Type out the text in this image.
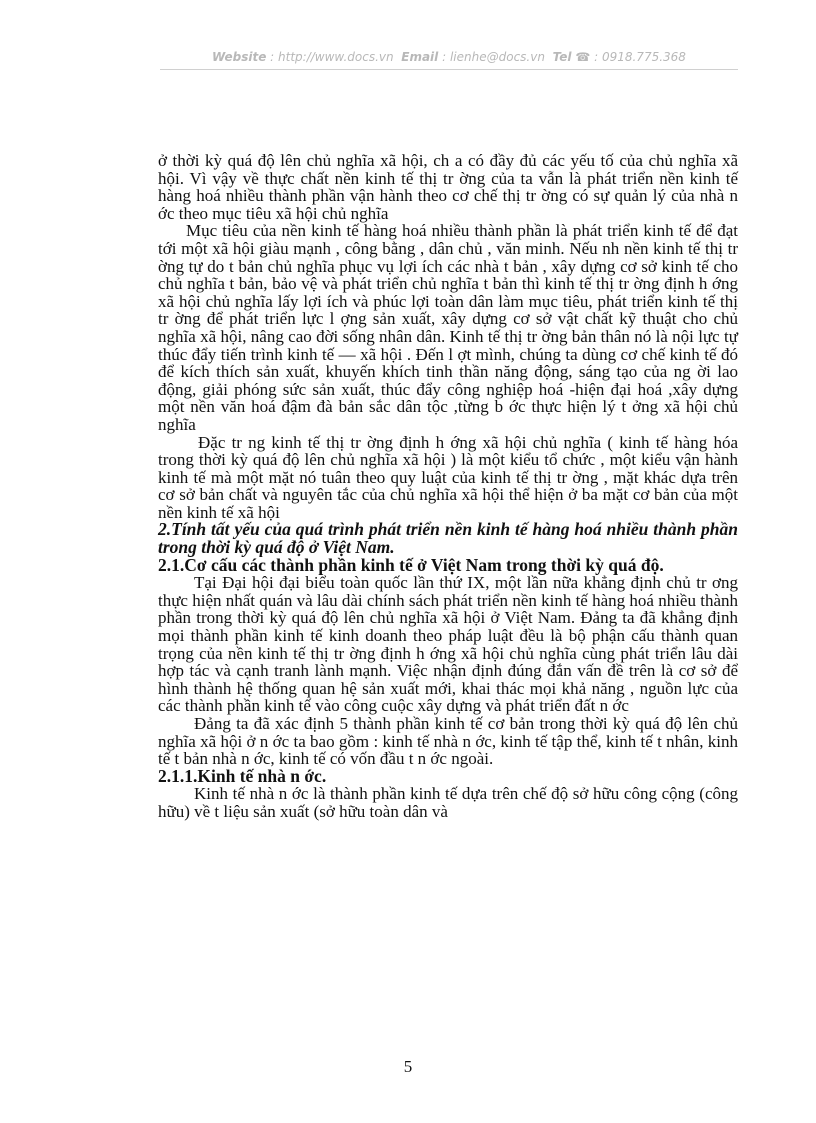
Website : http://www.docs.vn Email : lienhe@docs.vn Tel ☎ : 0918.775.368

ở thời kỳ quá độ lên chủ nghĩa xã hội, ch a có đầy đủ các yếu tố của chủ nghĩa xã hội. Vì vậy về thực chất nền kinh tế thị tr ờng của ta vẫn là phát triển nền kinh tế hàng hoá nhiều thành phần vận hành theo cơ chế thị tr ờng có sự quản lý của nhà n ớc theo mục tiêu xã hội chủ nghĩa

Mục tiêu của nền kinh tế hàng hoá nhiều thành phần là phát triển kinh tế để đạt tới một xã hội giàu mạnh , công bằng , dân chủ , văn minh. Nếu nh nền kinh tế thị tr ờng tự do t bản chủ nghĩa phục vụ lợi ích các nhà t bản , xây dựng cơ sở kinh tế cho chủ nghĩa t bản, bảo vệ và phát triển chủ nghĩa t bản thì kinh tế thị tr ờng định h ớng xã hội chủ nghĩa lấy lợi ích và phúc lợi toàn dân làm mục tiêu, phát triển kinh tế thị tr ờng để phát triển lực l ợng sản xuất, xây dựng cơ sở vật chất kỹ thuật cho chủ nghĩa xã hội, nâng cao đời sống nhân dân. Kinh tế thị tr ờng bản thân nó là nội lực tự thúc đẩy tiến trình kinh tế — xã hội . Đến l ợt mình, chúng ta dùng cơ chế kinh tế đó để kích thích sản xuất, khuyến khích tinh thần năng động, sáng tạo của ng ời lao động, giải phóng sức sản xuất, thúc đẩy công nghiệp hoá -hiện đại hoá ,xây dựng một nền văn hoá đậm đà bản sắc dân tộc ,từng b ớc thực hiện lý t ởng xã hội chủ nghĩa

Đặc tr ng kinh tế thị tr ờng định h ớng xã hội chủ nghĩa ( kinh tế hàng hóa trong thời kỳ quá độ lên chủ nghĩa xã hội ) là một kiểu tổ chức , một kiểu vận hành kinh tế mà một mặt nó tuân theo quy luật của kinh tế thị tr ờng , mặt khác dựa trên cơ sở bản chất và nguyên tắc của chủ nghĩa xã hội thể hiện ở ba mặt cơ bản của một nền kinh tế xã hội

2.Tính tất yếu của quá trình phát triển nền kinh tế hàng hoá nhiều thành phần trong thời kỳ quá độ ở Việt Nam.

2.1.Cơ cấu các thành phần kinh tế ở Việt Nam trong thời kỳ quá độ.

Tại Đại hội đại biểu toàn quốc lần thứ IX, một lần nữa khẳng định chủ tr ơng thực hiện nhất quán và lâu dài chính sách phát triển nền kinh tế hàng hoá nhiều thành phần trong thời kỳ quá độ lên chủ nghĩa xã hội ở Việt Nam. Đảng ta đã khẳng định mọi thành phần kinh tế kinh doanh theo pháp luật đều là bộ phận cấu thành quan trọng của nền kinh tế thị tr ờng định h ớng xã hội chủ nghĩa cùng phát triển lâu dài hợp tác và cạnh tranh lành mạnh. Việc nhận định đúng đắn vấn đề trên là cơ sở để hình thành hệ thống quan hệ sản xuất mới, khai thác mọi khả năng , nguồn lực của các thành phần kinh tế vào công cuộc xây dựng và phát triển đất n ớc

Đảng ta đã xác định 5 thành phần kinh tế cơ bản trong thời kỳ quá độ lên chủ nghĩa xã hội ở n ớc ta bao gồm : kinh tế nhà n ớc, kinh tế tập thể, kinh tế t nhân, kinh tế t bản nhà n ớc, kinh tế có vốn đầu t n ớc ngoài.

2.1.1.Kinh tế nhà n ớc.

Kinh tế nhà n ớc là thành phần kinh tế dựa trên chế độ sở hữu công cộng (công hữu) về t liệu sản xuất (sở hữu toàn dân và

5
